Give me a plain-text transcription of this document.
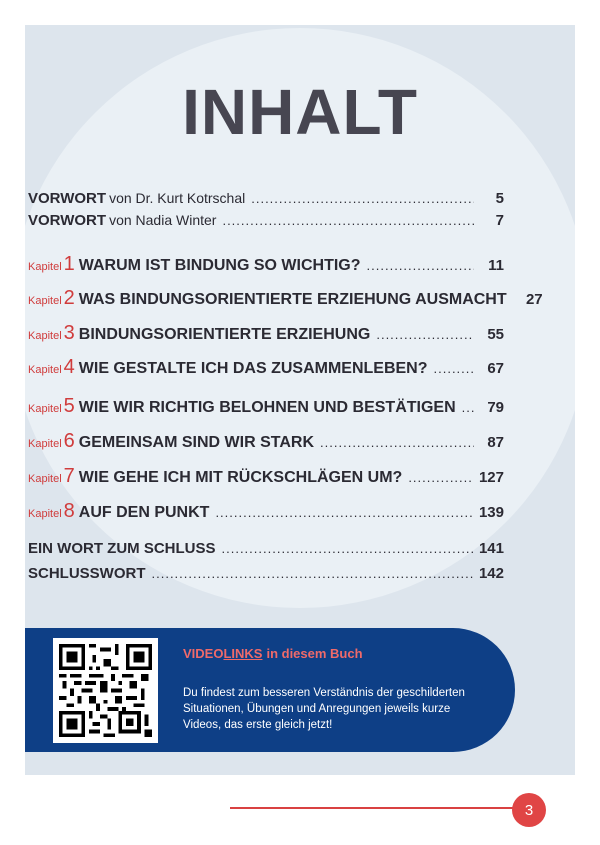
INHALT
VORWORT von Dr. Kurt Kotrschal .....	5
VORWORT von Nadia Winter .....	7
Kapitel 1 WARUM IST BINDUNG SO WICHTIG? .....	11
Kapitel 2 WAS BINDUNGSORIENTIERTE ERZIEHUNG AUSMACHT	27
Kapitel 3 BINDUNGSORIENTIERTE ERZIEHUNG .....	55
Kapitel 4 WIE GESTALTE ICH DAS ZUSAMMENLEBEN? .....	67
Kapitel 5 WIE WIR RICHTIG BELOHNEN UND BESTÄTIGEN .....	79
Kapitel 6 GEMEINSAM SIND WIR STARK .....	87
Kapitel 7 WIE GEHE ICH MIT RÜCKSCHLÄGEN UM? .....	127
Kapitel 8 AUF DEN PUNKT .....	139
EIN WORT ZUM SCHLUSS .....	141
SCHLUSSWORT .....	142
VIDEOLINKS in diesem Buch
Du findest zum besseren Verständnis der geschilderten Situationen, Übungen und Anregungen jeweils kurze Videos, das erste gleich jetzt!
3
